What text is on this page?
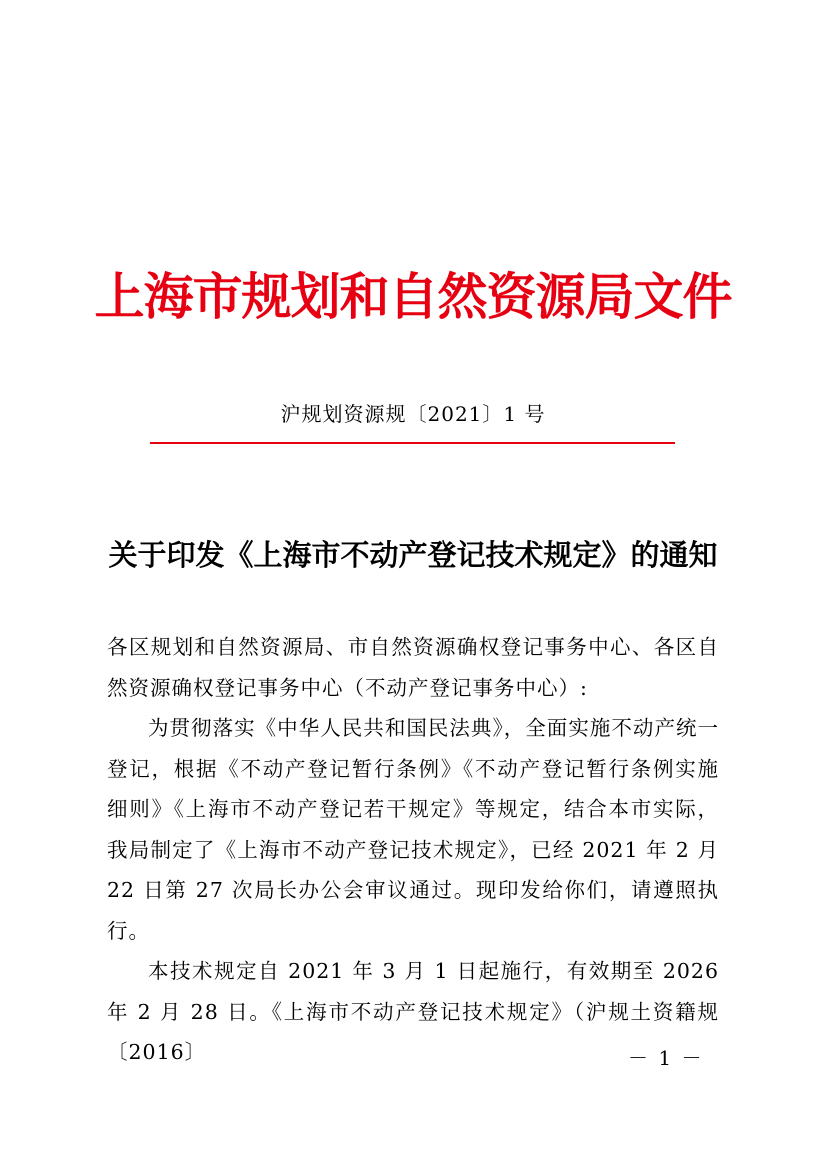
上海市规划和自然资源局文件
沪规划资源规〔2021〕1 号
关于印发《上海市不动产登记技术规定》的通知

各区规划和自然资源局、市自然资源确权登记事务中心、各区自然资源确权登记事务中心（不动产登记事务中心）:

为贯彻落实《中华人民共和国民法典》，全面实施不动产统一登记，根据《不动产登记暂行条例》《不动产登记暂行条例实施细则》《上海市不动产登记若干规定》等规定，结合本市实际，我局制定了《上海市不动产登记技术规定》，已经 2021 年 2 月 22 日第 27 次局长办公会审议通过。现印发给你们，请遵照执行。

本技术规定自 2021 年 3 月 1 日起施行，有效期至 2026 年 2 月 28 日。《上海市不动产登记技术规定》（沪规土资籍规〔2016〕	－ 1 －
